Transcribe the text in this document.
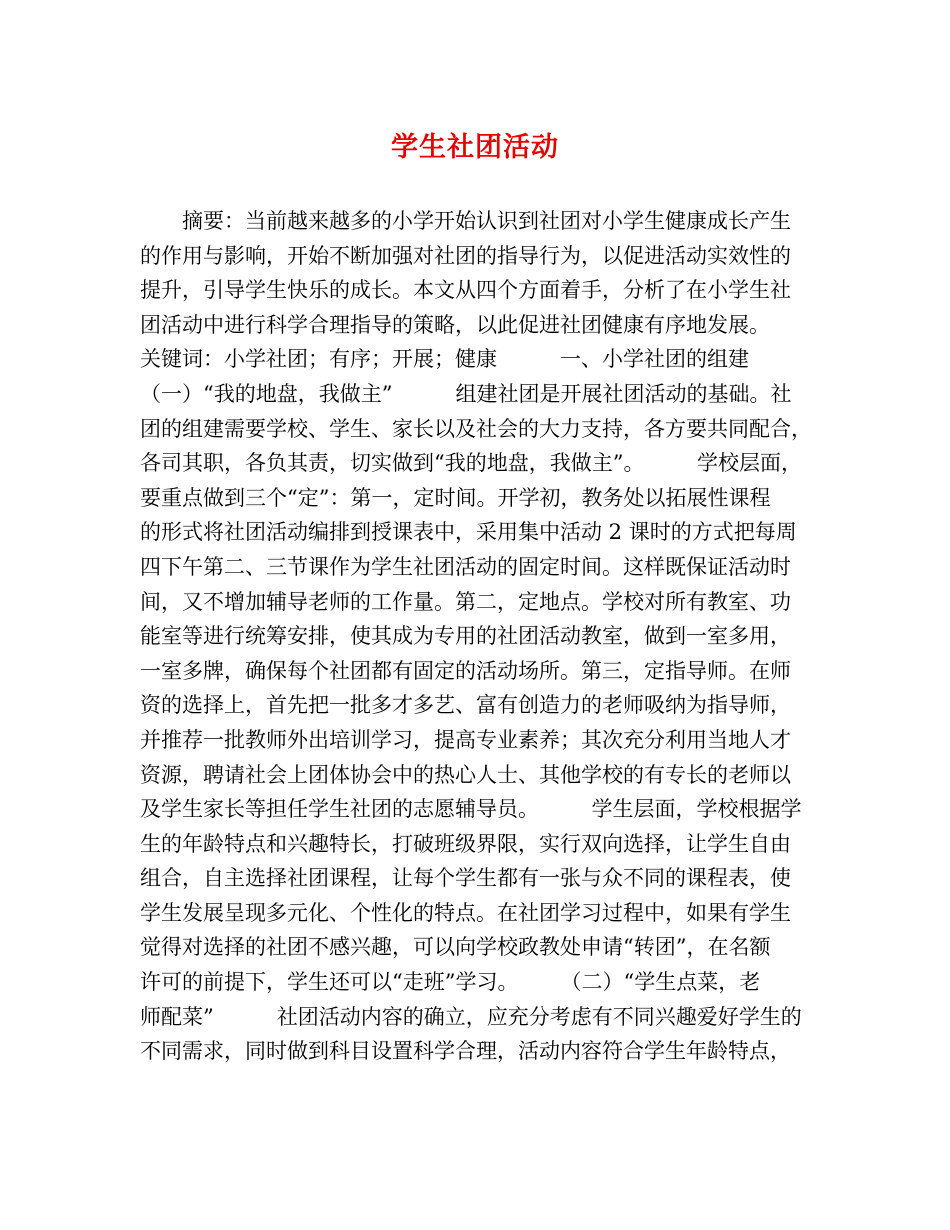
学生社团活动
　　摘要：当前越来越多的小学开始认识到社团对小学生健康成长产生
的作用与影响，开始不断加强对社团的指导行为，以促进活动实效性的
提升，引导学生快乐的成长。本文从四个方面着手，分析了在小学生社
团活动中进行科学合理指导的策略，以此促进社团健康有序地发展。
关键词：小学社团；有序；开展；健康　　　一、小学社团的组建
（一）“我的地盘，我做主”　　　组建社团是开展社团活动的基础。社
团的组建需要学校、学生、家长以及社会的大力支持，各方要共同配合，
各司其职，各负其责，切实做到“我的地盘，我做主”。　　　学校层面，
要重点做到三个“定”：第一，定时间。开学初，教务处以拓展性课程
的形式将社团活动编排到授课表中，采用集中活动 2 课时的方式把每周
四下午第二、三节课作为学生社团活动的固定时间。这样既保证活动时
间，又不增加辅导老师的工作量。第二，定地点。学校对所有教室、功
能室等进行统筹安排，使其成为专用的社团活动教室，做到一室多用，
一室多牌，确保每个社团都有固定的活动场所。第三，定指导师。在师
资的选择上，首先把一批多才多艺、富有创造力的老师吸纳为指导师，
并推荐一批教师外出培训学习，提高专业素养；其次充分利用当地人才
资源，聘请社会上团体协会中的热心人士、其他学校的有专长的老师以
及学生家长等担任学生社团的志愿辅导员。　　　学生层面，学校根据学
生的年龄特点和兴趣特长，打破班级界限，实行双向选择，让学生自由
组合，自主选择社团课程，让每个学生都有一张与众不同的课程表，使
学生发展呈现多元化、个性化的特点。在社团学习过程中，如果有学生
觉得对选择的社团不感兴趣，可以向学校政教处申请“转团”，在名额
许可的前提下，学生还可以“走班”学习。　　　（二）“学生点菜，老
师配菜”　　　社团活动内容的确立，应充分考虑有不同兴趣爱好学生的
不同需求，同时做到科目设置科学合理，活动内容符合学生年龄特点，
